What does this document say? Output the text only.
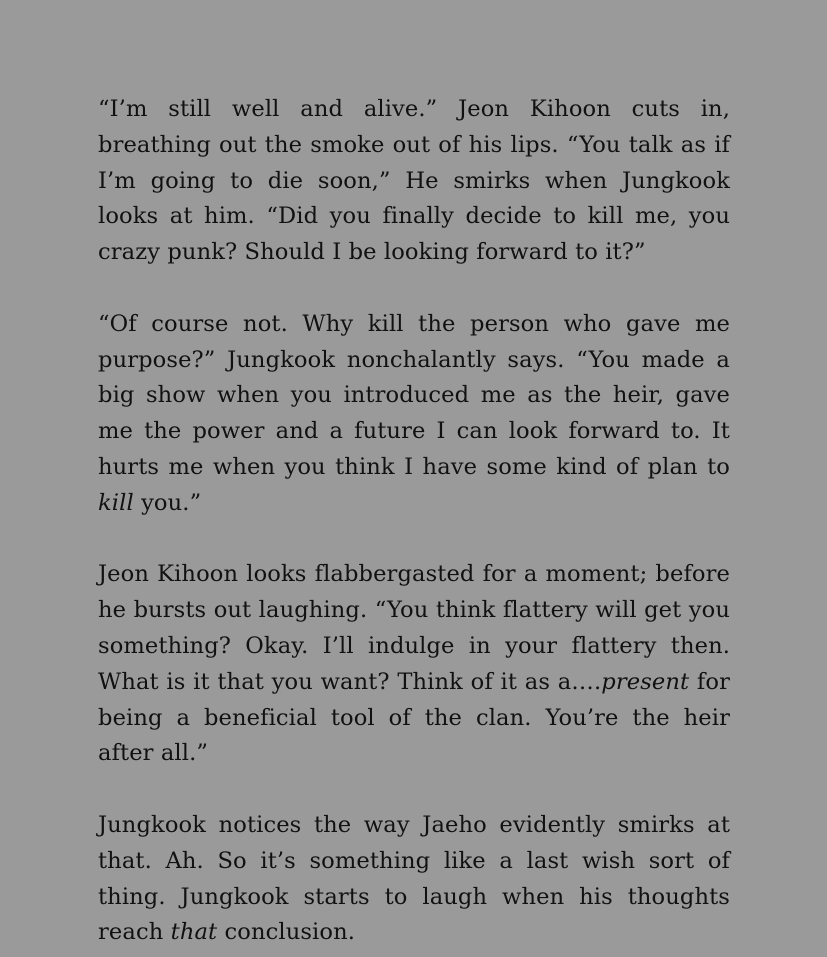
“I’m still well and alive.” Jeon Kihoon cuts in, breathing out the smoke out of his lips. “You talk as if I’m going to die soon,” He smirks when Jungkook looks at him. “Did you finally decide to kill me, you crazy punk? Should I be looking forward to it?”

“Of course not. Why kill the person who gave me purpose?” Jungkook nonchalantly says. “You made a big show when you introduced me as the heir, gave me the power and a future I can look forward to. It hurts me when you think I have some kind of plan to kill you.”

Jeon Kihoon looks flabbergasted for a moment; before he bursts out laughing. “You think flattery will get you something? Okay. I’ll indulge in your flattery then. What is it that you want? Think of it as a….present for being a beneficial tool of the clan. You’re the heir after all.”

Jungkook notices the way Jaeho evidently smirks at that. Ah. So it’s something like a last wish sort of thing. Jungkook starts to laugh when his thoughts reach that conclusion.
